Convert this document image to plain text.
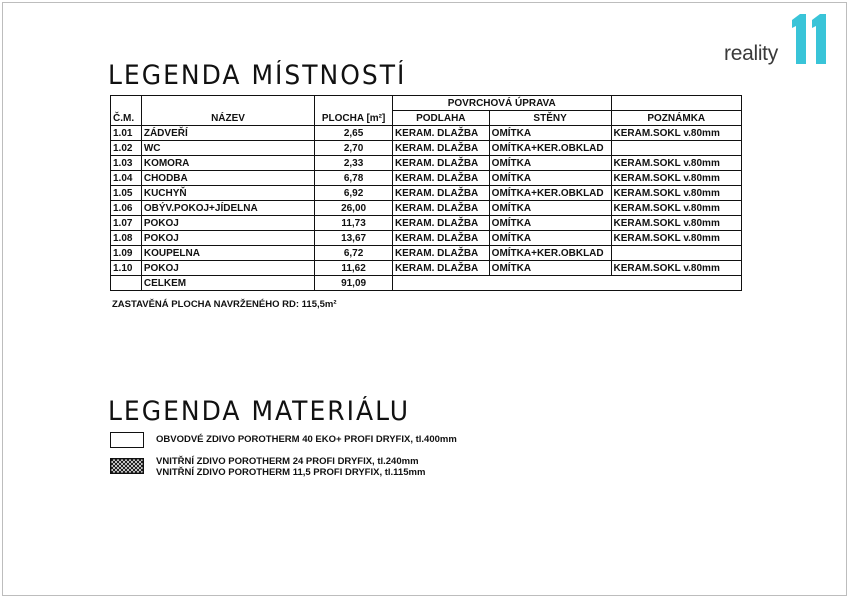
reality
LEGENDA MÍSTNOSTÍ
Č.M.	NÁZEV	PLOCHA [m²]	POVRCHOVÁ ÚPRAVA		
			PODLAHA	STĚNY	POZNÁMKA
1.01	ZÁDVEŘÍ	2,65	KERAM. DLAŽBA	OMÍTKA	KERAM.SOKL v.80mm
1.02	WC	2,70	KERAM. DLAŽBA	OMÍTKA+KER.OBKLAD	
1.03	KOMORA	2,33	KERAM. DLAŽBA	OMÍTKA	KERAM.SOKL v.80mm
1.04	CHODBA	6,78	KERAM. DLAŽBA	OMÍTKA	KERAM.SOKL v.80mm
1.05	KUCHYŇ	6,92	KERAM. DLAŽBA	OMÍTKA+KER.OBKLAD	KERAM.SOKL v.80mm
1.06	OBÝV.POKOJ+JÍDELNA	26,00	KERAM. DLAŽBA	OMÍTKA	KERAM.SOKL v.80mm
1.07	POKOJ	11,73	KERAM. DLAŽBA	OMÍTKA	KERAM.SOKL v.80mm
1.08	POKOJ	13,67	KERAM. DLAŽBA	OMÍTKA	KERAM.SOKL v.80mm
1.09	KOUPELNA	6,72	KERAM. DLAŽBA	OMÍTKA+KER.OBKLAD	
1.10	POKOJ	11,62	KERAM. DLAŽBA	OMÍTKA	KERAM.SOKL v.80mm
	CELKEM	91,09			
ZASTAVĚNÁ PLOCHA NAVRŽENÉHO RD: 115,5m²
LEGENDA MATERIÁLU
OBVODVÉ ZDIVO POROTHERM 40 EKO+ PROFI DRYFIX, tl.400mm
VNITŘNÍ ZDIVO POROTHERM 24 PROFI DRYFIX, tl.240mm
VNITŘNÍ ZDIVO POROTHERM 11,5 PROFI DRYFIX, tl.115mm
